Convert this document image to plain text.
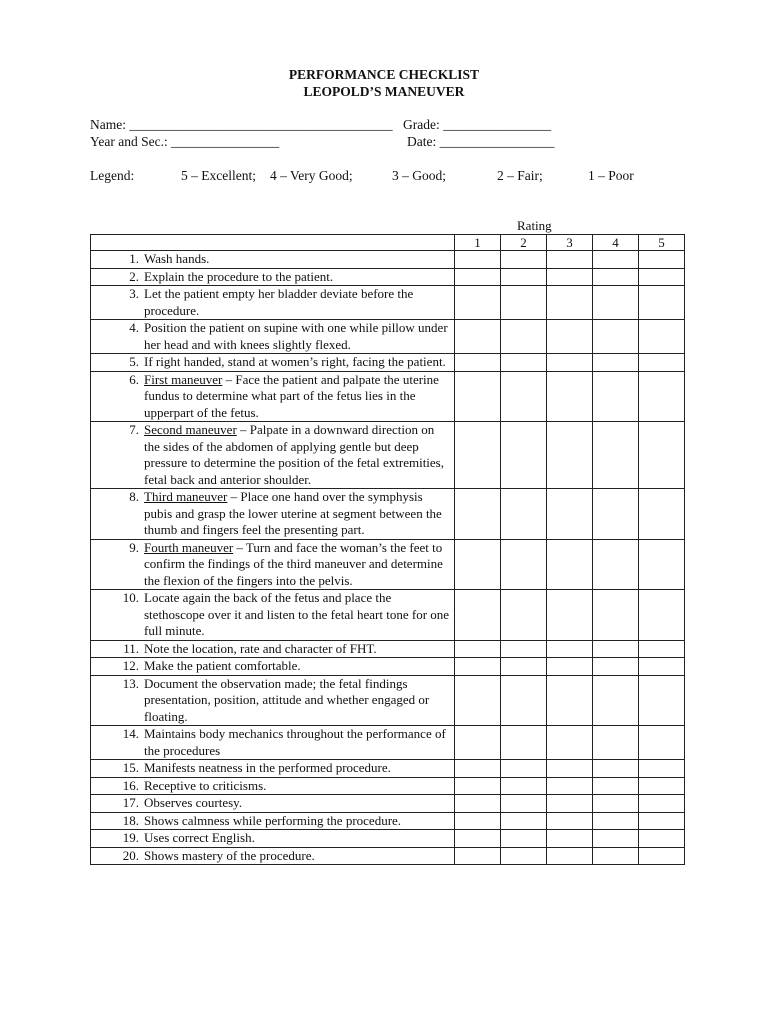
PERFORMANCE CHECKLIST
LEOPOLD’S MANEUVER
Name: _______________________________________ Grade: ________________
Year and Sec.: ________________	Date: _________________
Legend:	5 – Excellent; 4 – Very Good;	3 – Good;	2 – Fair;	1 – Poor
Rating
	1	2	3	4	5

1. Wash hands.					

2. Explain the procedure to the patient.					

3. Let the patient empty her bladder deviate before the procedure.					

4. Position the patient on supine with one while pillow under her head and with knees slightly flexed.					

5. If right handed, stand at women’s right, facing the patient.					

6. First maneuver – Face the patient and palpate the uterine fundus to determine what part of the fetus lies in the upperpart of the fetus.					

7. Second maneuver – Palpate in a downward direction on the sides of the abdomen of applying gentle but deep pressure to determine the position of the fetal extremities, fetal back and anterior shoulder.					

8. Third maneuver – Place one hand over the symphysis pubis and grasp the lower uterine at segment between the thumb and fingers feel the presenting part.					

9. Fourth maneuver – Turn and face the woman’s the feet to confirm the findings of the third maneuver and determine the flexion of the fingers into the pelvis.					

10. Locate again the back of the fetus and place the stethoscope over it and listen to the fetal heart tone for one full minute.					

11. Note the location, rate and character of FHT.					

12. Make the patient comfortable.					

13. Document the observation made; the fetal findings presentation, position, attitude and whether engaged or floating.					

14. Maintains body mechanics throughout the performance of the procedures					

15. Manifests neatness in the performed procedure.					

16. Receptive to criticisms.					

17. Observes courtesy.					

18. Shows calmness while performing the procedure.					

19. Uses correct English.					

20. Shows mastery of the procedure.					
